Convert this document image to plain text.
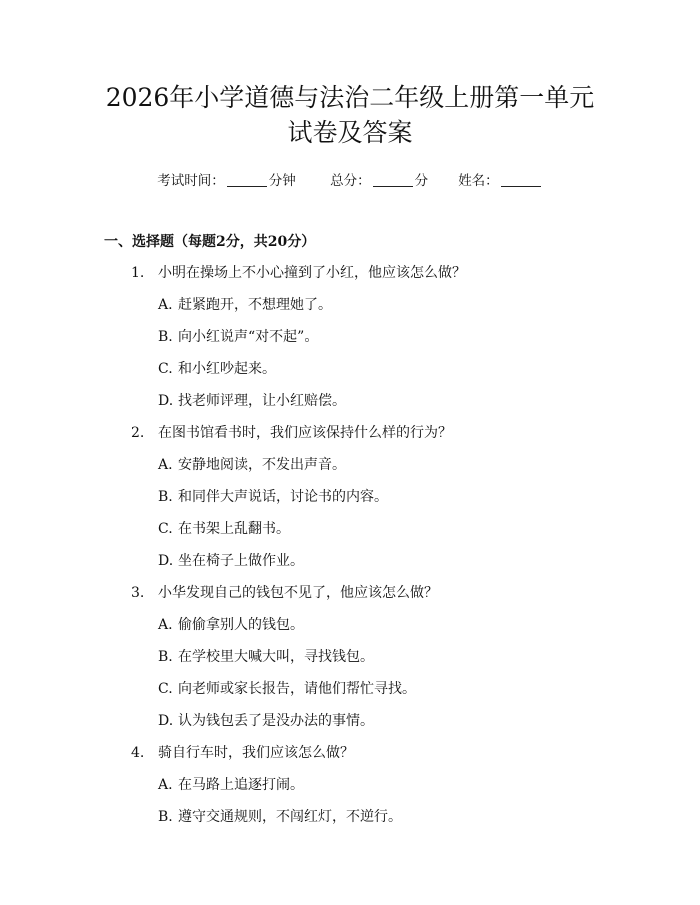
2026年小学道德与法治二年级上册第一单元
试卷及答案
考试时间：	分钟	总分：	分 姓名：
一、选择题（每题2分，共20分）
1. 小明在操场上不小心撞到了小红，他应该怎么做？
A. 赶紧跑开，不想理她了。
B. 向小红说声“对不起”。
C. 和小红吵起来。
D. 找老师评理，让小红赔偿。
2. 在图书馆看书时，我们应该保持什么样的行为？
A. 安静地阅读，不发出声音。
B. 和同伴大声说话，讨论书的内容。
C. 在书架上乱翻书。
D. 坐在椅子上做作业。
3. 小华发现自己的钱包不见了，他应该怎么做？
A. 偷偷拿别人的钱包。
B. 在学校里大喊大叫，寻找钱包。
C. 向老师或家长报告，请他们帮忙寻找。
D. 认为钱包丢了是没办法的事情。
4. 骑自行车时，我们应该怎么做？
A. 在马路上追逐打闹。
B. 遵守交通规则，不闯红灯，不逆行。
